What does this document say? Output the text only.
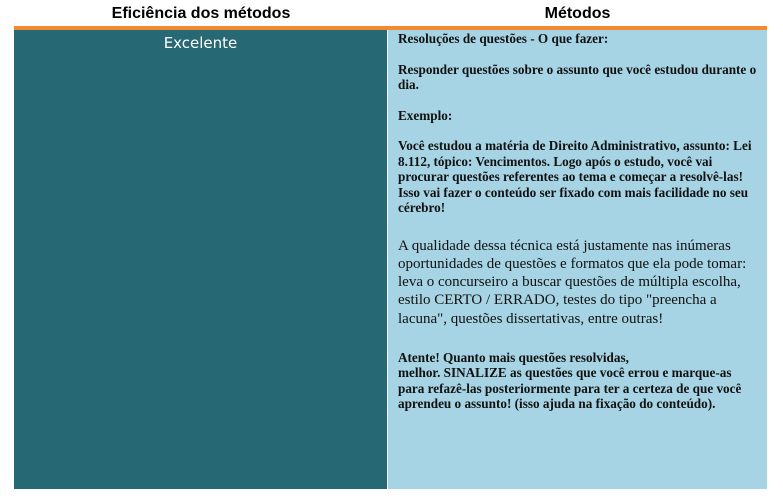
Eficiência dos métodos	Métodos
Excelente	Resoluções de questões - O que fazer:

Responder questões sobre o assunto que você estudou durante o dia.

Exemplo:

Você estudou a matéria de Direito Administrativo, assunto: Lei 8.112, tópico: Vencimentos. Logo após o estudo, você vai procurar questões referentes ao tema e começar a resolvê-las! Isso vai fazer o conteúdo ser fixado com mais facilidade no seu cérebro!

A qualidade dessa técnica está justamente nas inúmeras oportunidades de questões e formatos que ela pode tomar: leva o concurseiro a buscar questões de múltipla escolha, estilo CERTO / ERRADO, testes do tipo "preencha a lacuna", questões dissertativas, entre outras!

Atente! Quanto mais questões resolvidas,

melhor. SINALIZE as questões que você errou e marque-as para refazê-las posteriormente para ter a certeza de que você aprendeu o assunto! (isso ajuda na fixação do conteúdo).
